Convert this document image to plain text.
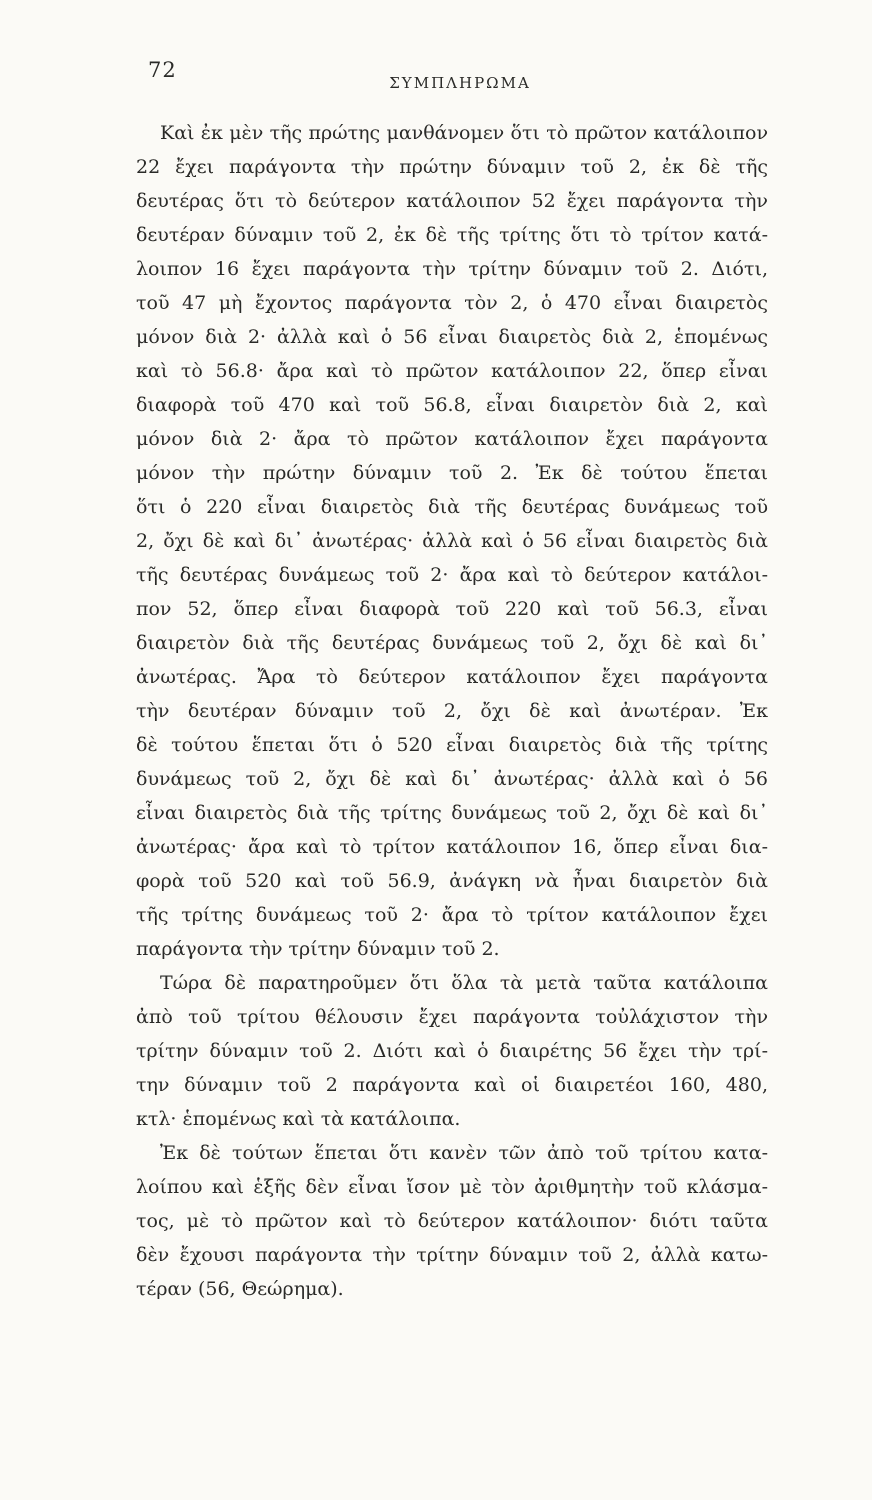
72
ΣΥΜΠΛΗΡΩΜΑ
Καὶ ἐκ μὲν τῆς πρώτης μανθάνομεν ὅτι τὸ πρῶτον κατάλοιπον
22 ἔχει παράγοντα τὴν πρώτην δύναμιν τοῦ 2, ἐκ δὲ τῆς
δευτέρας ὅτι τὸ δεύτερον κατάλοιπον 52 ἔχει παράγοντα τὴν
δευτέραν δύναμιν τοῦ 2, ἐκ δὲ τῆς τρίτης ὅτι τὸ τρίτον κατά-
λοιπον 16 ἔχει παράγοντα τὴν τρίτην δύναμιν τοῦ 2. Διότι,
τοῦ 47 μὴ ἔχοντος παράγοντα τὸν 2, ὁ 470 εἶναι διαιρετὸς
μόνον διὰ 2· ἀλλὰ καὶ ὁ 56 εἶναι διαιρετὸς διὰ 2, ἑπομένως
καὶ τὸ 56.8· ἄρα καὶ τὸ πρῶτον κατάλοιπον 22, ὅπερ εἶναι
διαφορὰ τοῦ 470 καὶ τοῦ 56.8, εἶναι διαιρετὸν διὰ 2, καὶ
μόνον διὰ 2· ἄρα τὸ πρῶτον κατάλοιπον ἔχει παράγοντα
μόνον τὴν πρώτην δύναμιν τοῦ 2. Ἐκ δὲ τούτου ἕπεται
ὅτι ὁ 220 εἶναι διαιρετὸς διὰ τῆς δευτέρας δυνάμεως τοῦ
2, ὄχι δὲ καὶ δι᾽ ἀνωτέρας· ἀλλὰ καὶ ὁ 56 εἶναι διαιρετὸς διὰ
τῆς δευτέρας δυνάμεως τοῦ 2· ἄρα καὶ τὸ δεύτερον κατάλοι-
πον 52, ὅπερ εἶναι διαφορὰ τοῦ 220 καὶ τοῦ 56.3, εἶναι
διαιρετὸν διὰ τῆς δευτέρας δυνάμεως τοῦ 2, ὄχι δὲ καὶ δι᾽
ἀνωτέρας. Ἄρα τὸ δεύτερον κατάλοιπον ἔχει παράγοντα
τὴν δευτέραν δύναμιν τοῦ 2, ὄχι δὲ καὶ ἀνωτέραν. Ἐκ
δὲ τούτου ἕπεται ὅτι ὁ 520 εἶναι διαιρετὸς διὰ τῆς τρίτης
δυνάμεως τοῦ 2, ὄχι δὲ καὶ δι᾽ ἀνωτέρας· ἀλλὰ καὶ ὁ 56
εἶναι διαιρετὸς διὰ τῆς τρίτης δυνάμεως τοῦ 2, ὄχι δὲ καὶ δι᾽
ἀνωτέρας· ἄρα καὶ τὸ τρίτον κατάλοιπον 16, ὅπερ εἶναι δια-
φορὰ τοῦ 520 καὶ τοῦ 56.9, ἀνάγκη νὰ ἦναι διαιρετὸν διὰ
τῆς τρίτης δυνάμεως τοῦ 2· ἄρα τὸ τρίτον κατάλοιπον ἔχει
παράγοντα τὴν τρίτην δύναμιν τοῦ 2.
Τώρα δὲ παρατηροῦμεν ὅτι ὅλα τὰ μετὰ ταῦτα κατάλοιπα
ἀπὸ τοῦ τρίτου θέλουσιν ἔχει παράγοντα τοὐλάχιστον τὴν
τρίτην δύναμιν τοῦ 2. Διότι καὶ ὁ διαιρέτης 56 ἔχει τὴν τρί-
την δύναμιν τοῦ 2 παράγοντα καὶ οἱ διαιρετέοι 160, 480,
κτλ· ἑπομένως καὶ τὰ κατάλοιπα.
Ἐκ δὲ τούτων ἕπεται ὅτι κανὲν τῶν ἀπὸ τοῦ τρίτου κατα-
λοίπου καὶ ἑξῆς δὲν εἶναι ἴσον μὲ τὸν ἀριθμητὴν τοῦ κλάσμα-
τος, μὲ τὸ πρῶτον καὶ τὸ δεύτερον κατάλοιπον· διότι ταῦτα
δὲν ἔχουσι παράγοντα τὴν τρίτην δύναμιν τοῦ 2, ἀλλὰ κατω-
τέραν (56, Θεώρημα).
